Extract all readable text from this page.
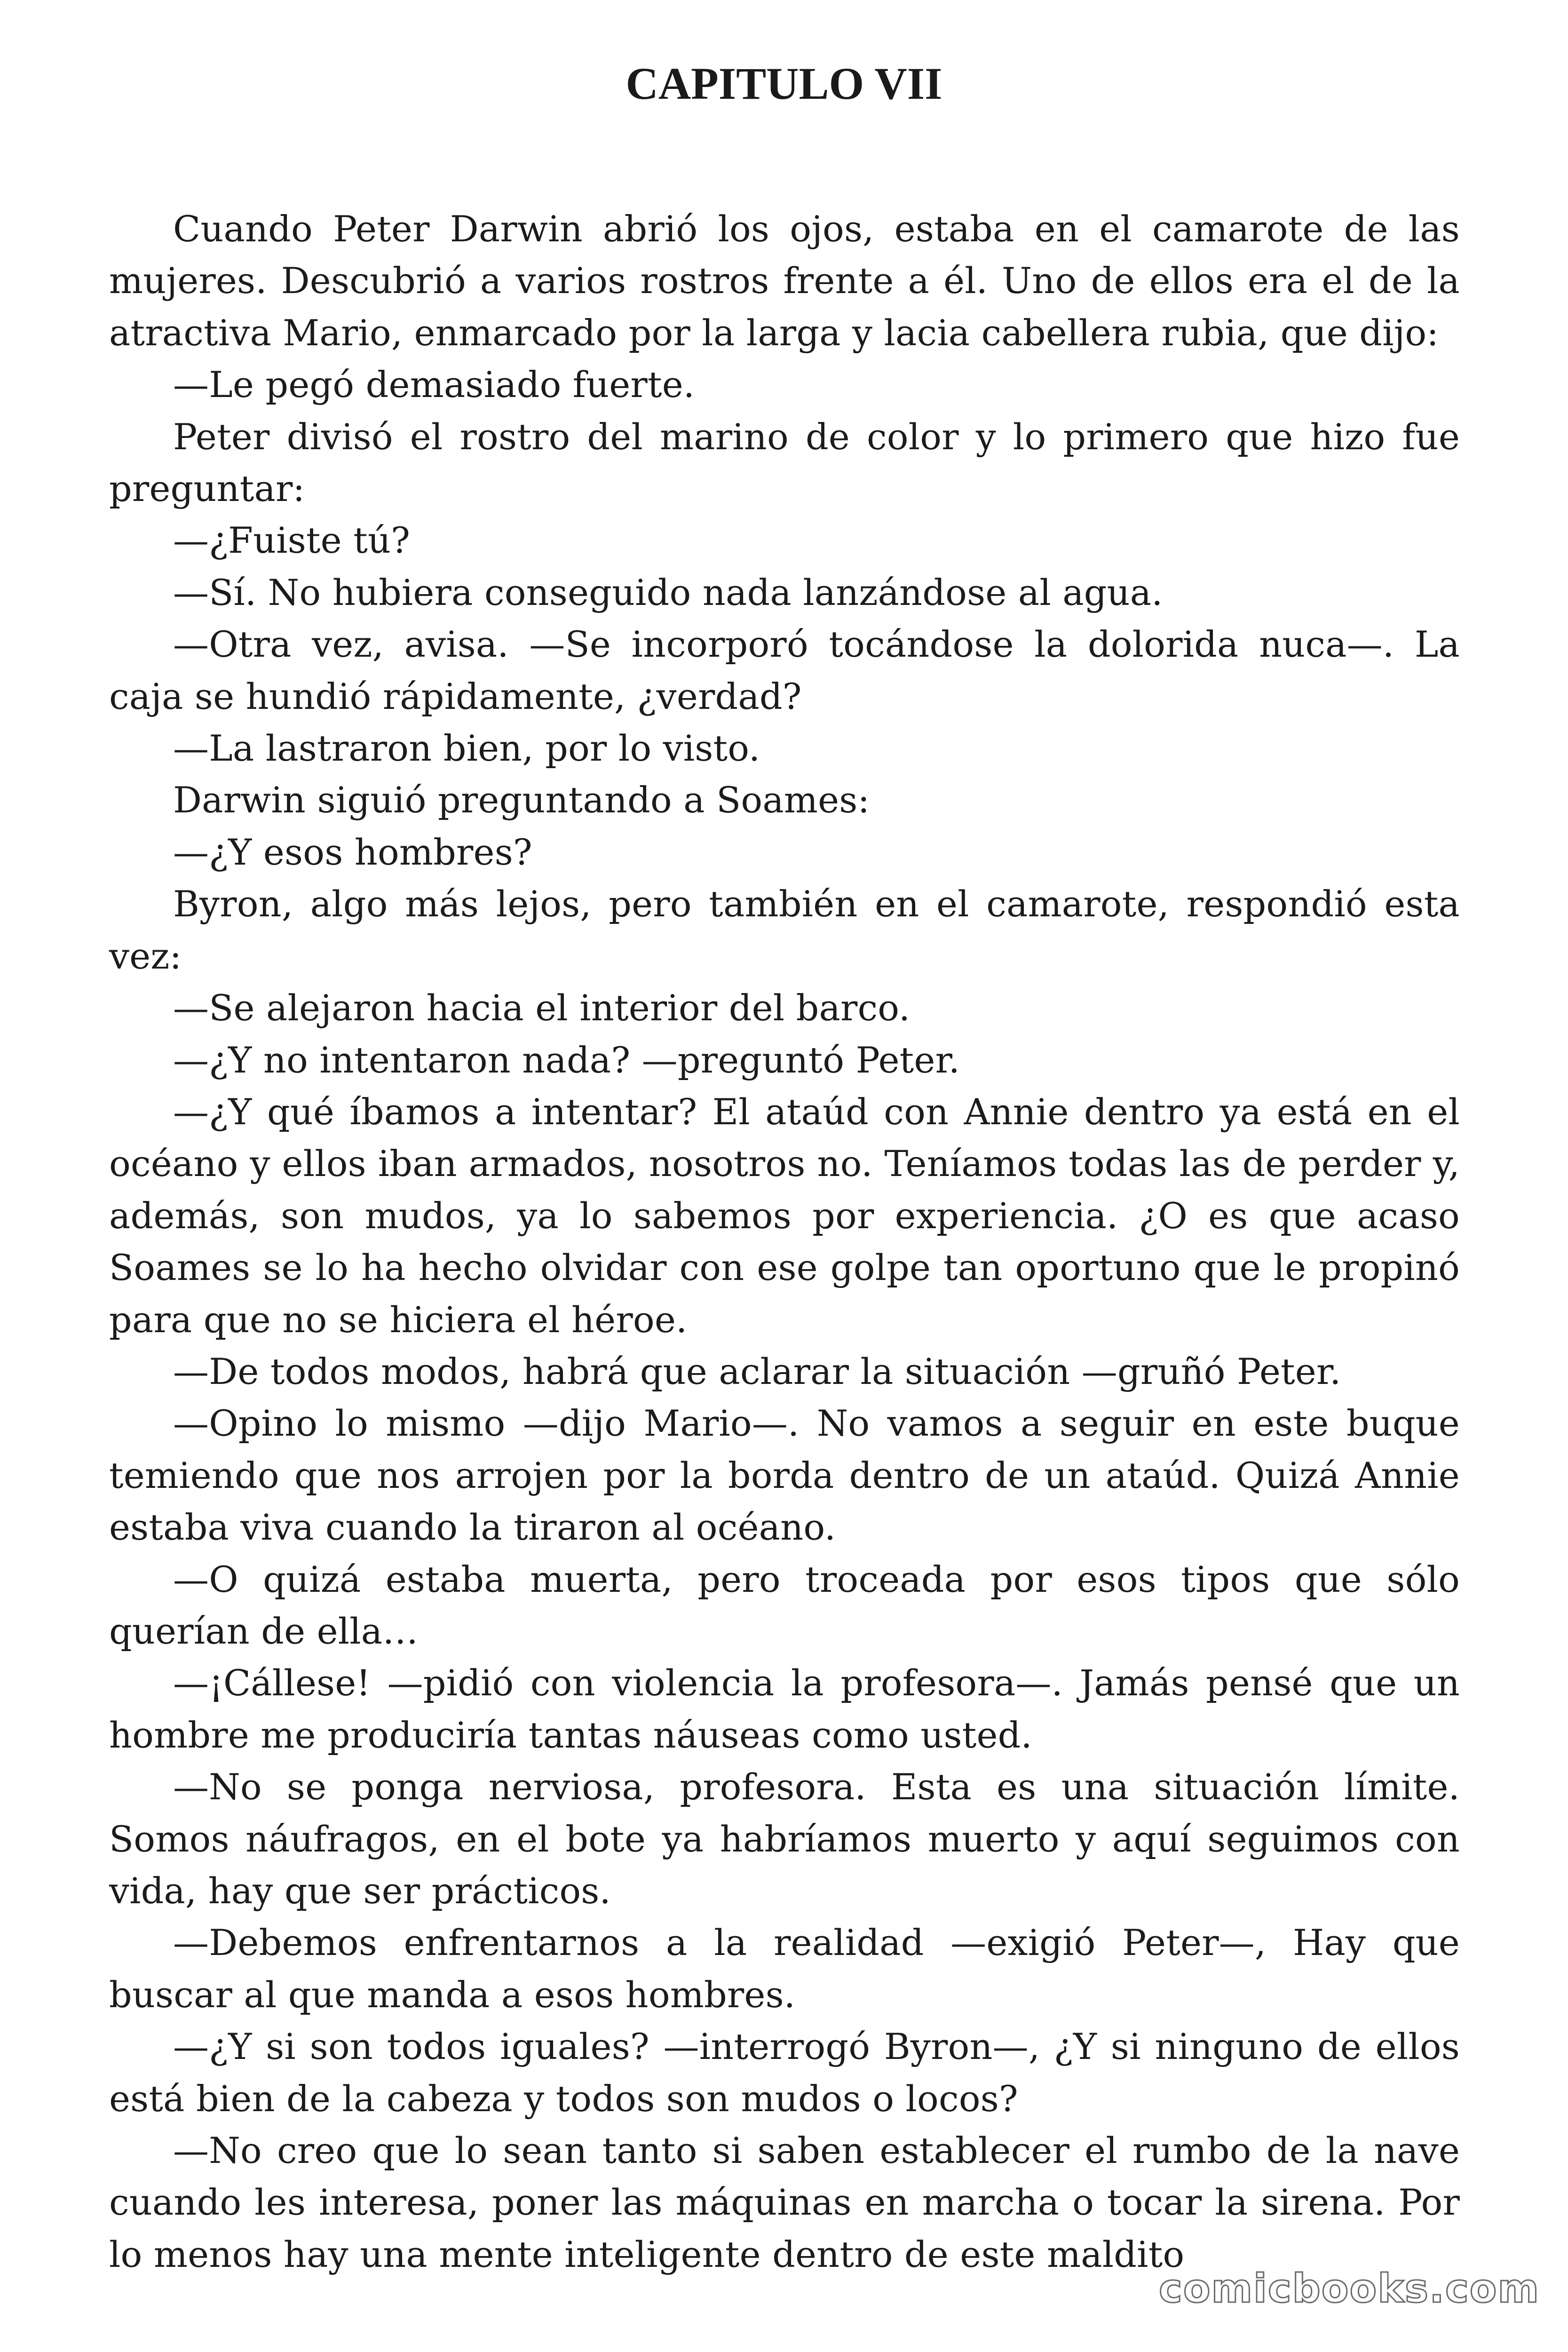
CAPITULO VII

Cuando Peter Darwin abrió los ojos, estaba en el camarote de las mujeres. Descubrió a varios rostros frente a él. Uno de ellos era el de la atractiva Mario, enmarcado por la larga y lacia cabellera rubia, que dijo:

—Le pegó demasiado fuerte.

Peter divisó el rostro del marino de color y lo primero que hizo fue preguntar:

—¿Fuiste tú?

—Sí. No hubiera conseguido nada lanzándose al agua.

—Otra vez, avisa. —Se incorporó tocándose la dolorida nuca—. La caja se hundió rápidamente, ¿verdad?

—La lastraron bien, por lo visto.

Darwin siguió preguntando a Soames:

—¿Y esos hombres?

Byron, algo más lejos, pero también en el camarote, respondió esta vez:

—Se alejaron hacia el interior del barco.

—¿Y no intentaron nada? —preguntó Peter.

—¿Y qué íbamos a intentar? El ataúd con Annie dentro ya está en el océano y ellos iban armados, nosotros no. Teníamos todas las de perder y, además, son mudos, ya lo sabemos por experiencia. ¿O es que acaso Soames se lo ha hecho olvidar con ese golpe tan oportuno que le propinó para que no se hiciera el héroe.

—De todos modos, habrá que aclarar la situación —gruñó Peter.

—Opino lo mismo —dijo Mario—. No vamos a seguir en este buque temiendo que nos arrojen por la borda dentro de un ataúd. Quizá Annie estaba viva cuando la tiraron al océano.

—O quizá estaba muerta, pero troceada por esos tipos que sólo querían de ella…

—¡Cállese! —pidió con violencia la profesora—. Jamás pensé que un hombre me produciría tantas náuseas como usted.

—No se ponga nerviosa, profesora. Esta es una situación límite. Somos náufragos, en el bote ya habríamos muerto y aquí seguimos con vida, hay que ser prácticos.

—Debemos enfrentarnos a la realidad —exigió Peter—, Hay que buscar al que manda a esos hombres.

—¿Y si son todos iguales? —interrogó Byron—, ¿Y si ninguno de ellos está bien de la cabeza y todos son mudos o locos?

—No creo que lo sean tanto si saben establecer el rumbo de la nave cuando les interesa, poner las máquinas en marcha o tocar la sirena. Por lo menos hay una mente inteligente dentro de este maldito

comicbooks.com
